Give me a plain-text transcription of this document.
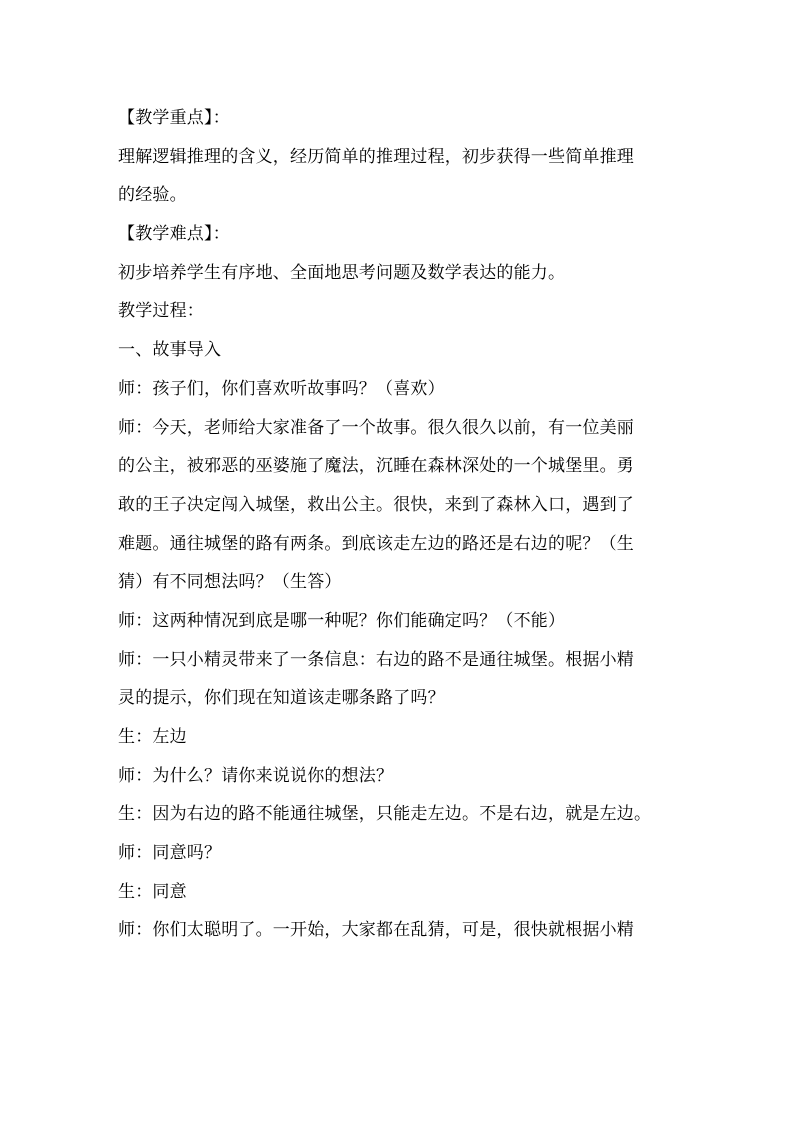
【教学重点】：
理解逻辑推理的含义，经历简单的推理过程，初步获得一些简单推理
的经验。
【教学难点】：
初步培养学生有序地、全面地思考问题及数学表达的能力。
教学过程：
一、故事导入
师：孩子们，你们喜欢听故事吗？（喜欢）
师：今天，老师给大家准备了一个故事。很久很久以前，有一位美丽
的公主，被邪恶的巫婆施了魔法，沉睡在森林深处的一个城堡里。勇
敢的王子决定闯入城堡，救出公主。很快，来到了森林入口，遇到了
难题。通往城堡的路有两条。到底该走左边的路还是右边的呢？（生
猜）有不同想法吗？（生答）
师：这两种情况到底是哪一种呢？你们能确定吗？（不能）
师：一只小精灵带来了一条信息：右边的路不是通往城堡。根据小精
灵的提示，你们现在知道该走哪条路了吗？
生：左边
师：为什么？请你来说说你的想法？
生：因为右边的路不能通往城堡，只能走左边。不是右边，就是左边。
师：同意吗？
生：同意
师：你们太聪明了。一开始，大家都在乱猜，可是，很快就根据小精
